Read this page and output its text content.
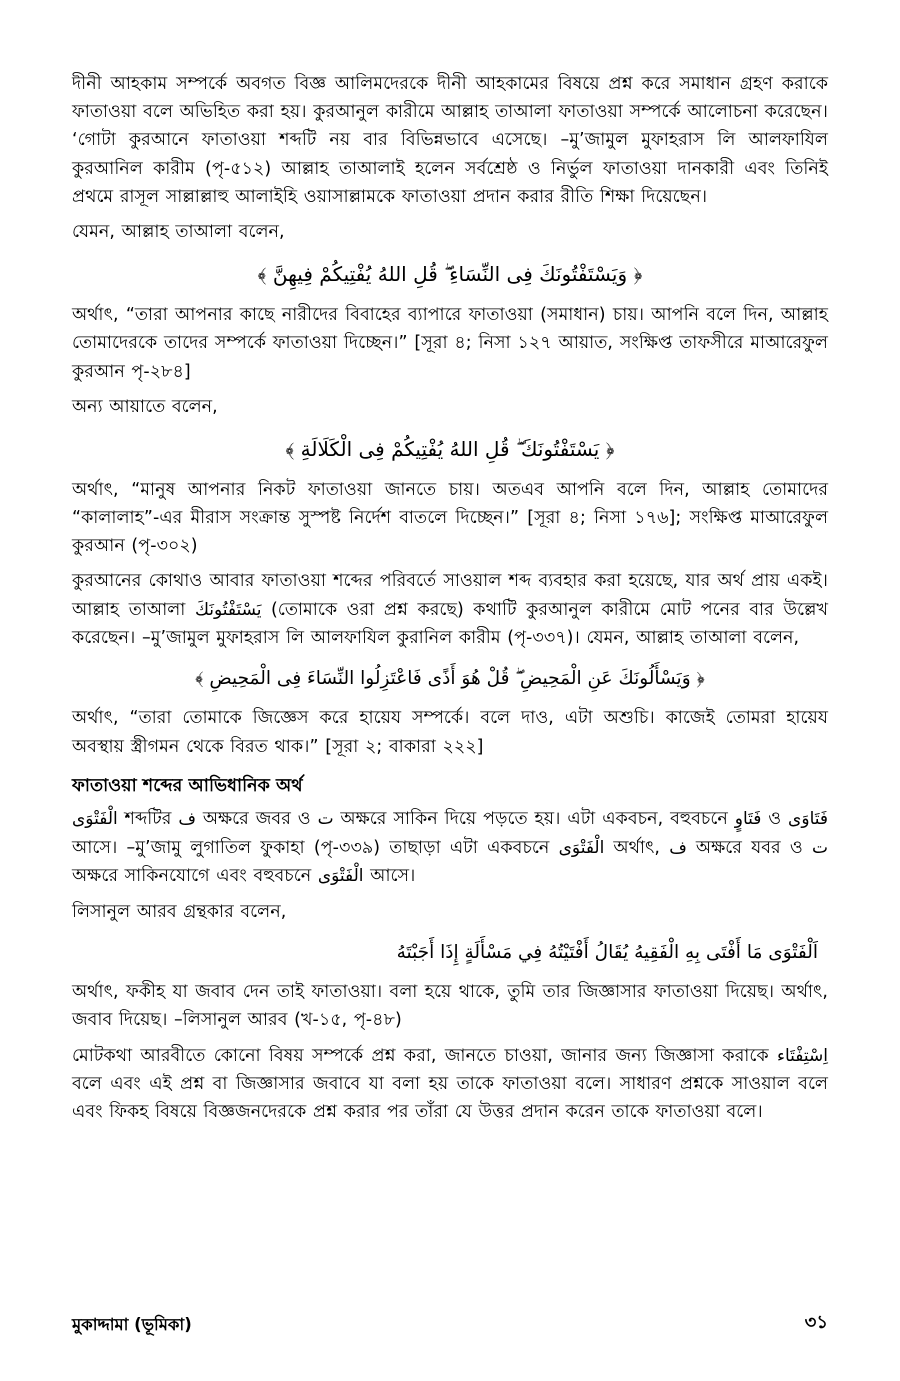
দীনী আহকাম সম্পর্কে অবগত বিজ্ঞ আলিমদেরকে দীনী আহকামের বিষয়ে প্রশ্ন করে সমাধান গ্রহণ করাকে ফাতাওয়া বলে অভিহিত করা হয়। কুরআনুল কারীমে আল্লাহ তাআলা ফাতাওয়া সম্পর্কে আলোচনা করেছেন। ‘গোটা কুরআনে ফাতাওয়া শব্দটি নয় বার বিভিন্নভাবে এসেছে। –মু’জামুল মুফাহরাস লি আলফাযিল কুরআনিল কারীম (পৃ-৫১২) আল্লাহ তাআলাই হলেন সর্বশ্রেষ্ঠ ও নির্ভুল ফাতাওয়া দানকারী এবং তিনিই প্রথমে রাসূল সাল্লাল্লাহু আলাইহি ওয়াসাল্লামকে ফাতাওয়া প্রদান করার রীতি শিক্ষা দিয়েছেন।

যেমন, আল্লাহ তাআলা বলেন,

﴿ وَيَسْتَفْتُونَكَ فِى النِّسَاءِ ۖ قُلِ اللهُ يُفْتِيكُمْ فِيهِنَّ ﴾

অর্থাৎ, “তারা আপনার কাছে নারীদের বিবাহের ব্যাপারে ফাতাওয়া (সমাধান) চায়। আপনি বলে দিন, আল্লাহ তোমাদেরকে তাদের সম্পর্কে ফাতাওয়া দিচ্ছেন।” [সূরা ৪; নিসা ১২৭ আয়াত, সংক্ষিপ্ত তাফসীরে মাআরেফুল কুরআন পৃ-২৮৪]

অন্য আয়াতে বলেন,

﴿ يَسْتَفْتُونَكَ ۖ قُلِ اللهُ يُفْتِيكُمْ فِى الْكَلَالَةِ ﴾

অর্থাৎ, “মানুষ আপনার নিকট ফাতাওয়া জানতে চায়। অতএব আপনি বলে দিন, আল্লাহ তোমাদের “কালালাহ”-এর মীরাস সংক্রান্ত সুস্পষ্ট নির্দেশ বাতলে দিচ্ছেন।” [সূরা ৪; নিসা ১৭৬]; সংক্ষিপ্ত মাআরেফুল কুরআন (পৃ-৩০২)

কুরআনের কোথাও আবার ফাতাওয়া শব্দের পরিবর্তে সাওয়াল শব্দ ব্যবহার করা হয়েছে, যার অর্থ প্রায় একই। আল্লাহ তাআলা يَسْتَفْتُونَكَ (তোমাকে ওরা প্রশ্ন করছে) কথাটি কুরআনুল কারীমে মোট পনের বার উল্লেখ করেছেন। –মু’জামুল মুফাহরাস লি আলফাযিল কুরানিল কারীম (পৃ-৩৩৭)। যেমন, আল্লাহ তাআলা বলেন,

﴿ وَيَسْأَلُونَكَ عَنِ الْمَحِيضِ ۖ قُلْ هُوَ أَذًى فَاعْتَزِلُوا النِّسَاءَ فِى الْمَحِيضِ ﴾

অর্থাৎ, “তারা তোমাকে জিজ্ঞেস করে হায়েয সম্পর্কে। বলে দাও, এটা অশুচি। কাজেই তোমরা হায়েয অবস্থায় স্ত্রীগমন থেকে বিরত থাক।” [সূরা ২; বাকারা ২২২]

ফাতাওয়া শব্দের আভিধানিক অর্থ

الْفَتْوَى শব্দটির ف অক্ষরে জবর ও ت অক্ষরে সাকিন দিয়ে পড়তে হয়। এটা একবচন, বহুবচনে فَتَاوٍ ও فَتَاوَى আসে। –মু’জামু লুগাতিল ফুকাহা (পৃ-৩৩৯) তাছাড়া এটা একবচনে الْفَتْوَى অর্থাৎ, ف অক্ষরে যবর ও ت অক্ষরে সাকিনযোগে এবং বহুবচনে الْفَتْوَى আসে।

লিসানুল আরব গ্রন্থকার বলেন,

اَلْفَتْوَى مَا أَفْتَى بِهِ الْفَقِيهُ يُقَالُ أَفْتَيْتُهُ فِي مَسْأَلَةٍ إِذَا أَجَبْتَهُ

অর্থাৎ, ফকীহ যা জবাব দেন তাই ফাতাওয়া। বলা হয়ে থাকে, তুমি তার জিজ্ঞাসার ফাতাওয়া দিয়েছ। অর্থাৎ, জবাব দিয়েছ। –লিসানুল আরব (খ-১৫, পৃ-৪৮)

মোটকথা আরবীতে কোনো বিষয় সম্পর্কে প্রশ্ন করা, জানতে চাওয়া, জানার জন্য জিজ্ঞাসা করাকে اِسْتِفْتَاء বলে এবং এই প্রশ্ন বা জিজ্ঞাসার জবাবে যা বলা হয় তাকে ফাতাওয়া বলে। সাধারণ প্রশ্নকে সাওয়াল বলে এবং ফিকহ বিষয়ে বিজ্ঞজনদেরকে প্রশ্ন করার পর তাঁরা যে উত্তর প্রদান করেন তাকে ফাতাওয়া বলে।

মুকাদ্দামা (ভূমিকা)	৩১
